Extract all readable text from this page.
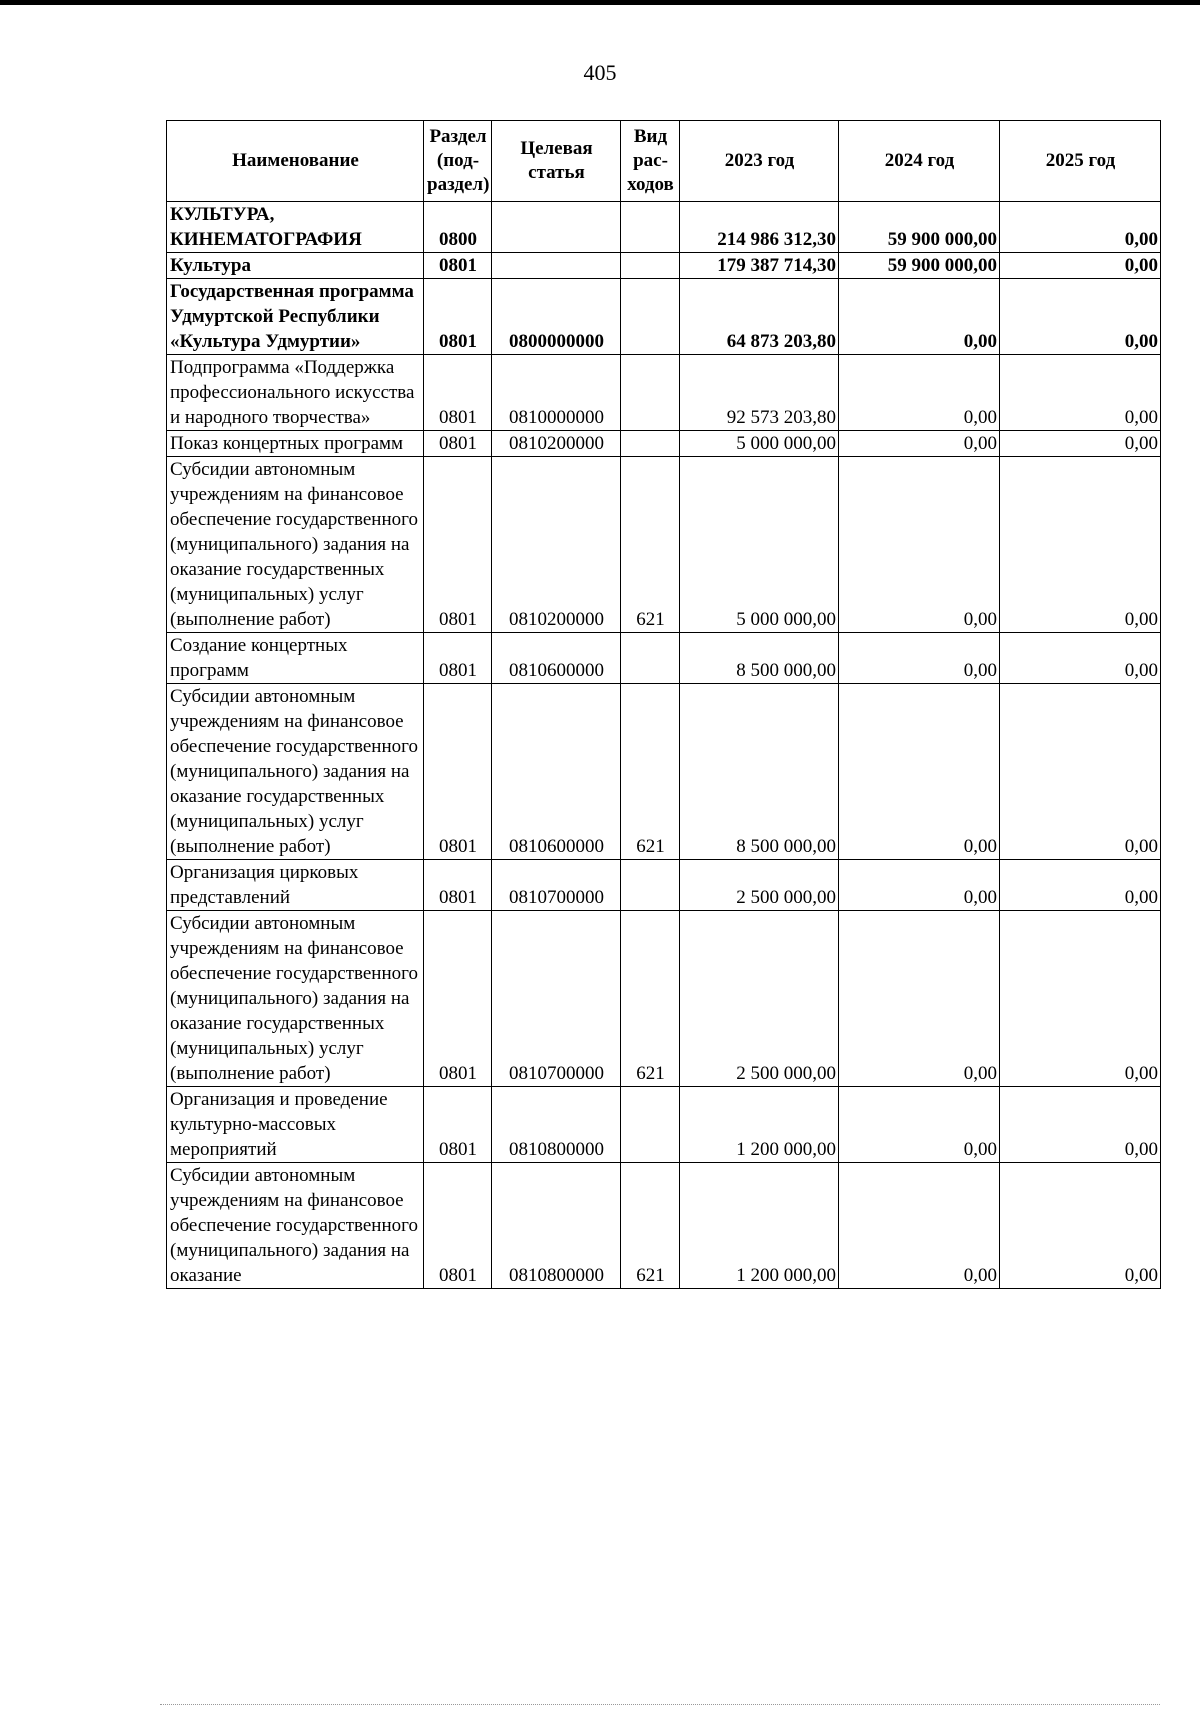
405
Наименование	Раздел (под-раздел)	Целевая статья	Вид рас-ходов	2023 год	2024 год	2025 год
КУЛЬТУРА, КИНЕМАТОГРАФИЯ	0800			214 986 312,30	59 900 000,00	0,00
Культура	0801			179 387 714,30	59 900 000,00	0,00
Государственная программа Удмуртской Республики «Культура Удмуртии»	0801	0800000000		64 873 203,80	0,00	0,00
Подпрограмма «Поддержка профессионального искусства и народного творчества»	0801	0810000000		92 573 203,80	0,00	0,00
Показ концертных программ	0801	0810200000		5 000 000,00	0,00	0,00
Субсидии автономным учреждениям на финансовое обеспечение государственного (муниципального) задания на оказание государственных (муниципальных) услуг (выполнение работ)	0801	0810200000	621	5 000 000,00	0,00	0,00
Создание концертных программ	0801	0810600000		8 500 000,00	0,00	0,00
Субсидии автономным учреждениям на финансовое обеспечение государственного (муниципального) задания на оказание государственных (муниципальных) услуг (выполнение работ)	0801	0810600000	621	8 500 000,00	0,00	0,00
Организация цирковых представлений	0801	0810700000		2 500 000,00	0,00	0,00
Субсидии автономным учреждениям на финансовое обеспечение государственного (муниципального) задания на оказание государственных (муниципальных) услуг (выполнение работ)	0801	0810700000	621	2 500 000,00	0,00	0,00
Организация и проведение культурно-массовых мероприятий	0801	0810800000		1 200 000,00	0,00	0,00
Субсидии автономным учреждениям на финансовое обеспечение государственного (муниципального) задания на оказание	0801	0810800000	621	1 200 000,00	0,00	0,00
